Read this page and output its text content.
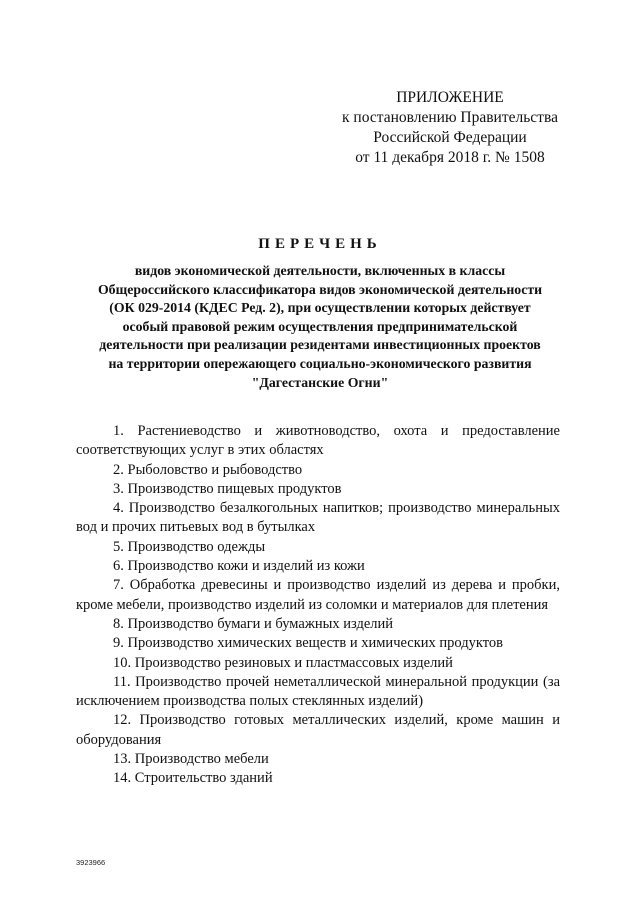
ПРИЛОЖЕНИЕ
к постановлению Правительства
Российской Федерации
от 11 декабря 2018 г. № 1508
ПЕРЕЧЕНЬ
видов экономической деятельности, включенных в классы
Общероссийского классификатора видов экономической деятельности
(ОК 029-2014 (КДЕС Ред. 2), при осуществлении которых действует
особый правовой режим осуществления предпринимательской
деятельности при реализации резидентами инвестиционных проектов
на территории опережающего социально-экономического развития
"Дагестанские Огни"

1. Растениеводство и животноводство, охота и предоставление соответствующих услуг в этих областях

2. Рыболовство и рыбоводство

3. Производство пищевых продуктов

4. Производство безалкогольных напитков; производство минеральных вод и прочих питьевых вод в бутылках

5. Производство одежды

6. Производство кожи и изделий из кожи

7. Обработка древесины и производство изделий из дерева и пробки, кроме мебели, производство изделий из соломки и материалов для плетения

8. Производство бумаги и бумажных изделий

9. Производство химических веществ и химических продуктов

10. Производство резиновых и пластмассовых изделий

11. Производство прочей неметаллической минеральной продукции (за исключением производства полых стеклянных изделий)

12. Производство готовых металлических изделий, кроме машин и оборудования

13. Производство мебели

14. Строительство зданий

3923966
